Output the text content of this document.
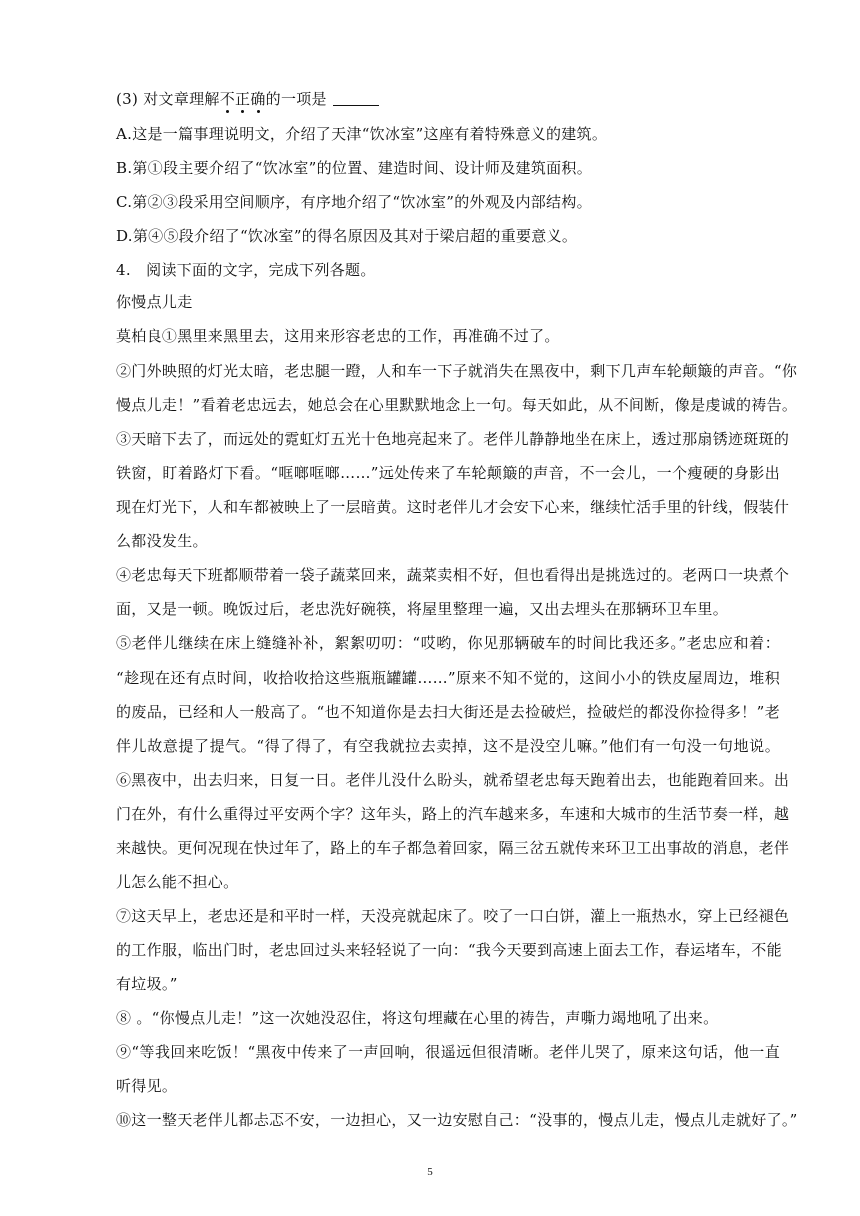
(3) 对文章理解不正确的一项是
A.这是一篇事理说明文，介绍了天津“饮冰室”这座有着特殊意义的建筑。
B.第①段主要介绍了“饮冰室”的位置、建造时间、设计师及建筑面积。
C.第②③段采用空间顺序，有序地介绍了“饮冰室”的外观及内部结构。
D.第④⑤段介绍了“饮冰室”的得名原因及其对于梁启超的重要意义。
4. 阅读下面的文字，完成下列各题。
你慢点儿走
莫柏良①黑里来黑里去，这用来形容老忠的工作，再准确不过了。
②门外映照的灯光太暗，老忠腿一蹬，人和车一下子就消失在黑夜中，剩下几声车轮颠簸的声音。“你
慢点儿走！”看着老忠远去，她总会在心里默默地念上一句。每天如此，从不间断，像是虔诚的祷告。
③天暗下去了，而远处的霓虹灯五光十色地亮起来了。老伴儿静静地坐在床上，透过那扇锈迹斑斑的
铁窗，盯着路灯下看。“哐啷哐啷……”远处传来了车轮颠簸的声音，不一会儿，一个瘦硬的身影出
现在灯光下，人和车都被映上了一层暗黄。这时老伴儿才会安下心来，继续忙活手里的针线，假装什
么都没发生。
④老忠每天下班都顺带着一袋子蔬菜回来，蔬菜卖相不好，但也看得出是挑选过的。老两口一块煮个
面，又是一顿。晚饭过后，老忠洗好碗筷，将屋里整理一遍，又出去埋头在那辆环卫车里。
⑤老伴儿继续在床上缝缝补补，絮絮叨叨：“哎哟，你见那辆破车的时间比我还多。”老忠应和着：
“趁现在还有点时间，收拾收拾这些瓶瓶罐罐……”原来不知不觉的，这间小小的铁皮屋周边，堆积
的废品，已经和人一般高了。“也不知道你是去扫大街还是去捡破烂，捡破烂的都没你捡得多！”老
伴儿故意提了提气。“得了得了，有空我就拉去卖掉，这不是没空儿嘛。”他们有一句没一句地说。
⑥黑夜中，出去归来，日复一日。老伴儿没什么盼头，就希望老忠每天跑着出去，也能跑着回来。出
门在外，有什么重得过平安两个字？这年头，路上的汽车越来多，车速和大城市的生活节奏一样，越
来越快。更何况现在快过年了，路上的车子都急着回家，隔三岔五就传来环卫工出事故的消息，老伴
儿怎么能不担心。
⑦这天早上，老忠还是和平时一样，天没亮就起床了。咬了一口白饼，灌上一瓶热水，穿上已经褪色
的工作服，临出门时，老忠回过头来轻轻说了一向：“我今天要到高速上面去工作，春运堵车，不能
有垃圾。”
⑧ 。“你慢点儿走！”这一次她没忍住，将这句埋藏在心里的祷告，声嘶力竭地吼了出来。
⑨“等我回来吃饭！“黑夜中传来了一声回响，很遥远但很清晰。老伴儿哭了，原来这句话，他一直
听得见。
⑩这一整天老伴儿都忐忑不安，一边担心，又一边安慰自己：“没事的，慢点儿走，慢点儿走就好了。”
5
